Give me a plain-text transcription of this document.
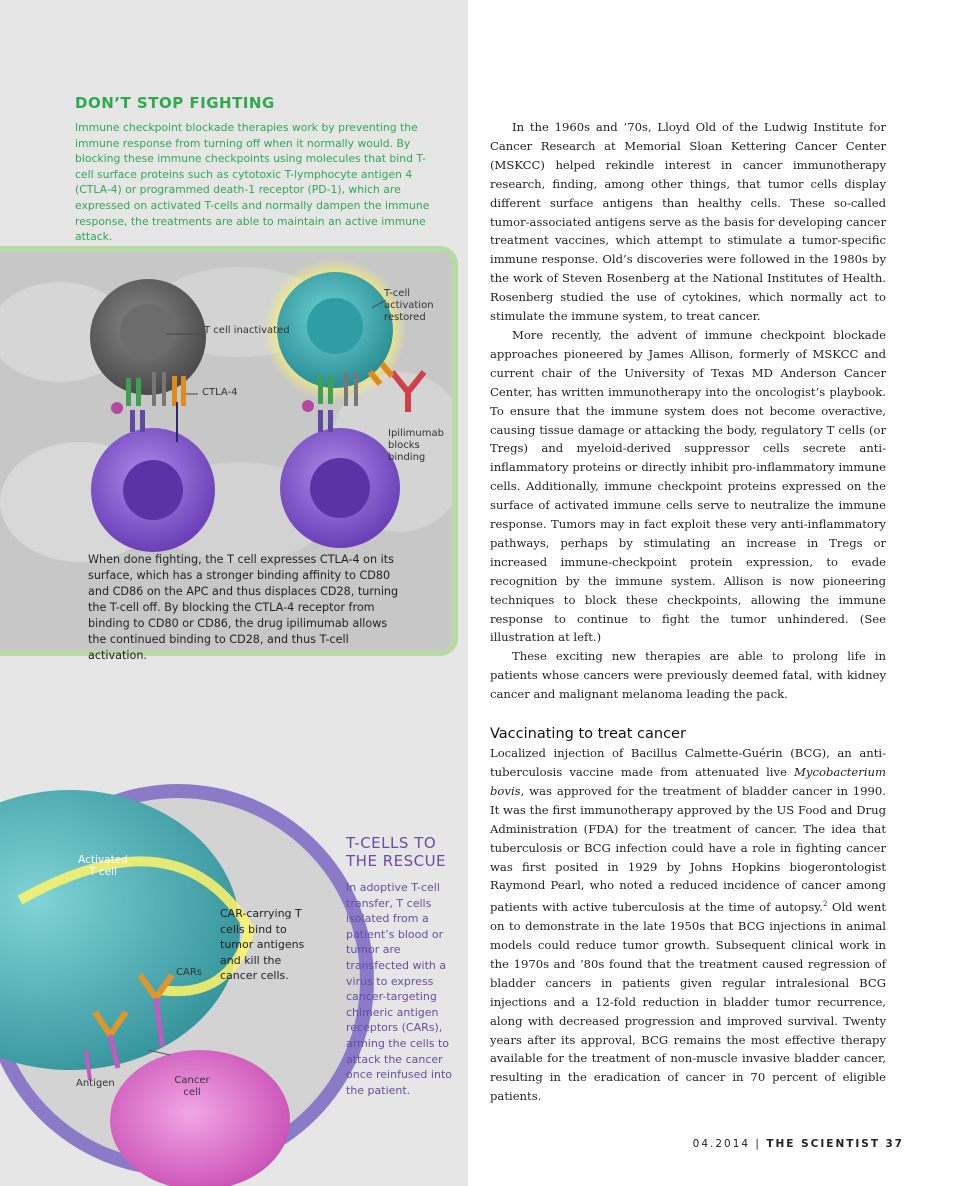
DON’T STOP FIGHTING
Immune checkpoint blockade therapies work by preventing the immune response from turning off when it normally would. By blocking these immune checkpoints using molecules that bind T-cell surface proteins such as cytotoxic T-lymphocyte antigen 4 (CTLA-4) or programmed death-1 receptor (PD-1), which are expressed on activated T-cells and normally dampen the immune response, the treatments are able to maintain an active immune attack.
T cell inactivated
CTLA-4
T-cell activation restored
Ipilimumab blocks binding
When done fighting, the T cell expresses CTLA-4 on its surface, which has a stronger binding affinity to CD80 and CD86 on the APC and thus displaces CD28, turning the T-cell off. By blocking the CTLA-4 receptor from binding to CD80 or CD86, the drug ipilimumab allows the continued binding to CD28, and thus T-cell activation.
Activated T cell
CAR-carrying T cells bind to tumor antigens and kill the cancer cells.
CARs
Antigen	Cancer cell
T-CELLS TO THE RESCUE
In adoptive T-cell transfer, T cells isolated from a patient’s blood or tumor are transfected with a virus to express cancer-targeting chimeric antigen receptors (CARs), arming the cells to attack the cancer once reinfused into the patient.

In the 1960s and ’70s, Lloyd Old of the Ludwig Institute for Cancer Research at Memorial Sloan Kettering Cancer Center (MSKCC) helped rekindle interest in cancer immunotherapy research, finding, among other things, that tumor cells display different surface antigens than healthy cells. These so-called tumor-associated antigens serve as the basis for developing cancer treatment vaccines, which attempt to stimulate a tumor-specific immune response. Old’s discoveries were followed in the 1980s by the work of Steven Rosenberg at the National Institutes of Health. Rosenberg studied the use of cytokines, which normally act to stimulate the immune system, to treat cancer.

More recently, the advent of immune checkpoint blockade approaches pioneered by James Allison, formerly of MSKCC and current chair of the University of Texas MD Anderson Cancer Center, has written immunotherapy into the oncologist’s playbook. To ensure that the immune system does not become overactive, causing tissue damage or attacking the body, regulatory T cells (or Tregs) and myeloid-derived suppressor cells secrete anti-inflammatory proteins or directly inhibit pro-inflammatory immune cells. Additionally, immune checkpoint proteins expressed on the surface of activated immune cells serve to neutralize the immune response. Tumors may in fact exploit these very anti-inflammatory pathways, perhaps by stimulating an increase in Tregs or increased immune-checkpoint protein expression, to evade recognition by the immune system. Allison is now pioneering techniques to block these checkpoints, allowing the immune response to continue to fight the tumor unhindered. (See illustration at left.)

These exciting new therapies are able to prolong life in patients whose cancers were previously deemed fatal, with kidney cancer and malignant melanoma leading the pack.

Vaccinating to treat cancer

Localized injection of Bacillus Calmette-Guérin (BCG), an anti-tuberculosis vaccine made from attenuated live Mycobacterium bovis, was approved for the treatment of bladder cancer in 1990. It was the first immunotherapy approved by the US Food and Drug Administration (FDA) for the treatment of cancer. The idea that tuberculosis or BCG infection could have a role in fighting cancer was first posited in 1929 by Johns Hopkins biogerontologist Raymond Pearl, who noted a reduced incidence of cancer among patients with active tuberculosis at the time of autopsy.$^2$ Old went on to demonstrate in the late 1950s that BCG injections in animal models could reduce tumor growth. Subsequent clinical work in the 1970s and ’80s found that the treatment caused regression of bladder cancers in patients given regular intralesional BCG injections and a 12-fold reduction in bladder tumor recurrence, along with decreased progression and improved survival. Twenty years after its approval, BCG remains the most effective therapy available for the treatment of non-muscle invasive bladder cancer, resulting in the eradication of cancer in 70 percent of eligible patients.

04.2014 | THE SCIENTIST 37
